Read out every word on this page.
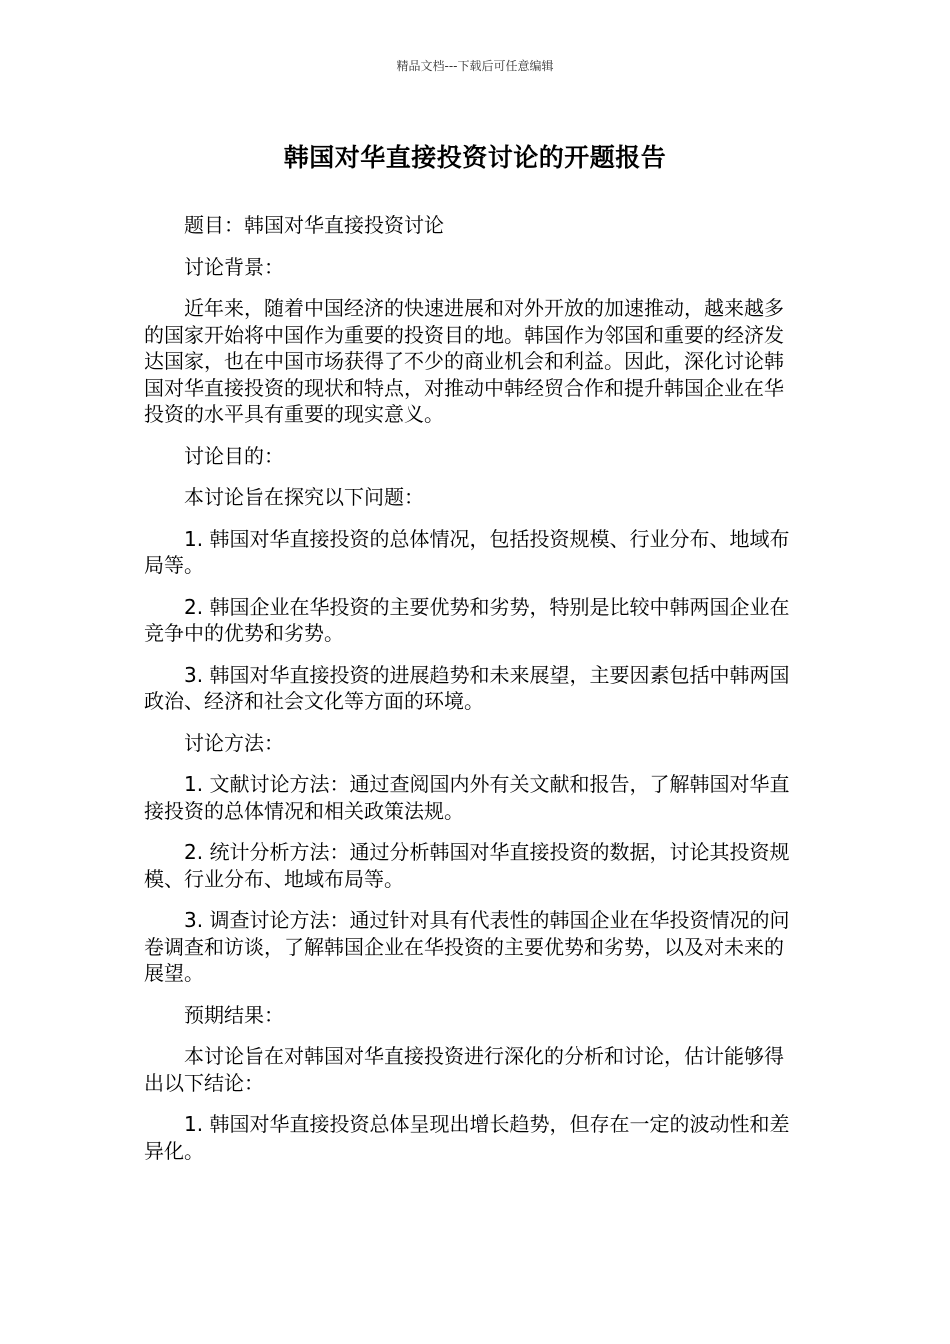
精品文档---下载后可任意编辑
韩国对华直接投资讨论的开题报告

题目：韩国对华直接投资讨论

讨论背景：

近年来，随着中国经济的快速进展和对外开放的加速推动，越来越多的国家开始将中国作为重要的投资目的地。韩国作为邻国和重要的经济发达国家，也在中国市场获得了不少的商业机会和利益。因此，深化讨论韩国对华直接投资的现状和特点，对推动中韩经贸合作和提升韩国企业在华投资的水平具有重要的现实意义。

讨论目的：

本讨论旨在探究以下问题：

1. 韩国对华直接投资的总体情况，包括投资规模、行业分布、地域布局等。

2. 韩国企业在华投资的主要优势和劣势，特别是比较中韩两国企业在竞争中的优势和劣势。

3. 韩国对华直接投资的进展趋势和未来展望，主要因素包括中韩两国政治、经济和社会文化等方面的环境。

讨论方法：

1. 文献讨论方法：通过查阅国内外有关文献和报告，了解韩国对华直接投资的总体情况和相关政策法规。

2. 统计分析方法：通过分析韩国对华直接投资的数据，讨论其投资规模、行业分布、地域布局等。

3. 调查讨论方法：通过针对具有代表性的韩国企业在华投资情况的问卷调查和访谈，了解韩国企业在华投资的主要优势和劣势，以及对未来的展望。

预期结果：

本讨论旨在对韩国对华直接投资进行深化的分析和讨论，估计能够得出以下结论：

1. 韩国对华直接投资总体呈现出增长趋势，但存在一定的波动性和差异化。
